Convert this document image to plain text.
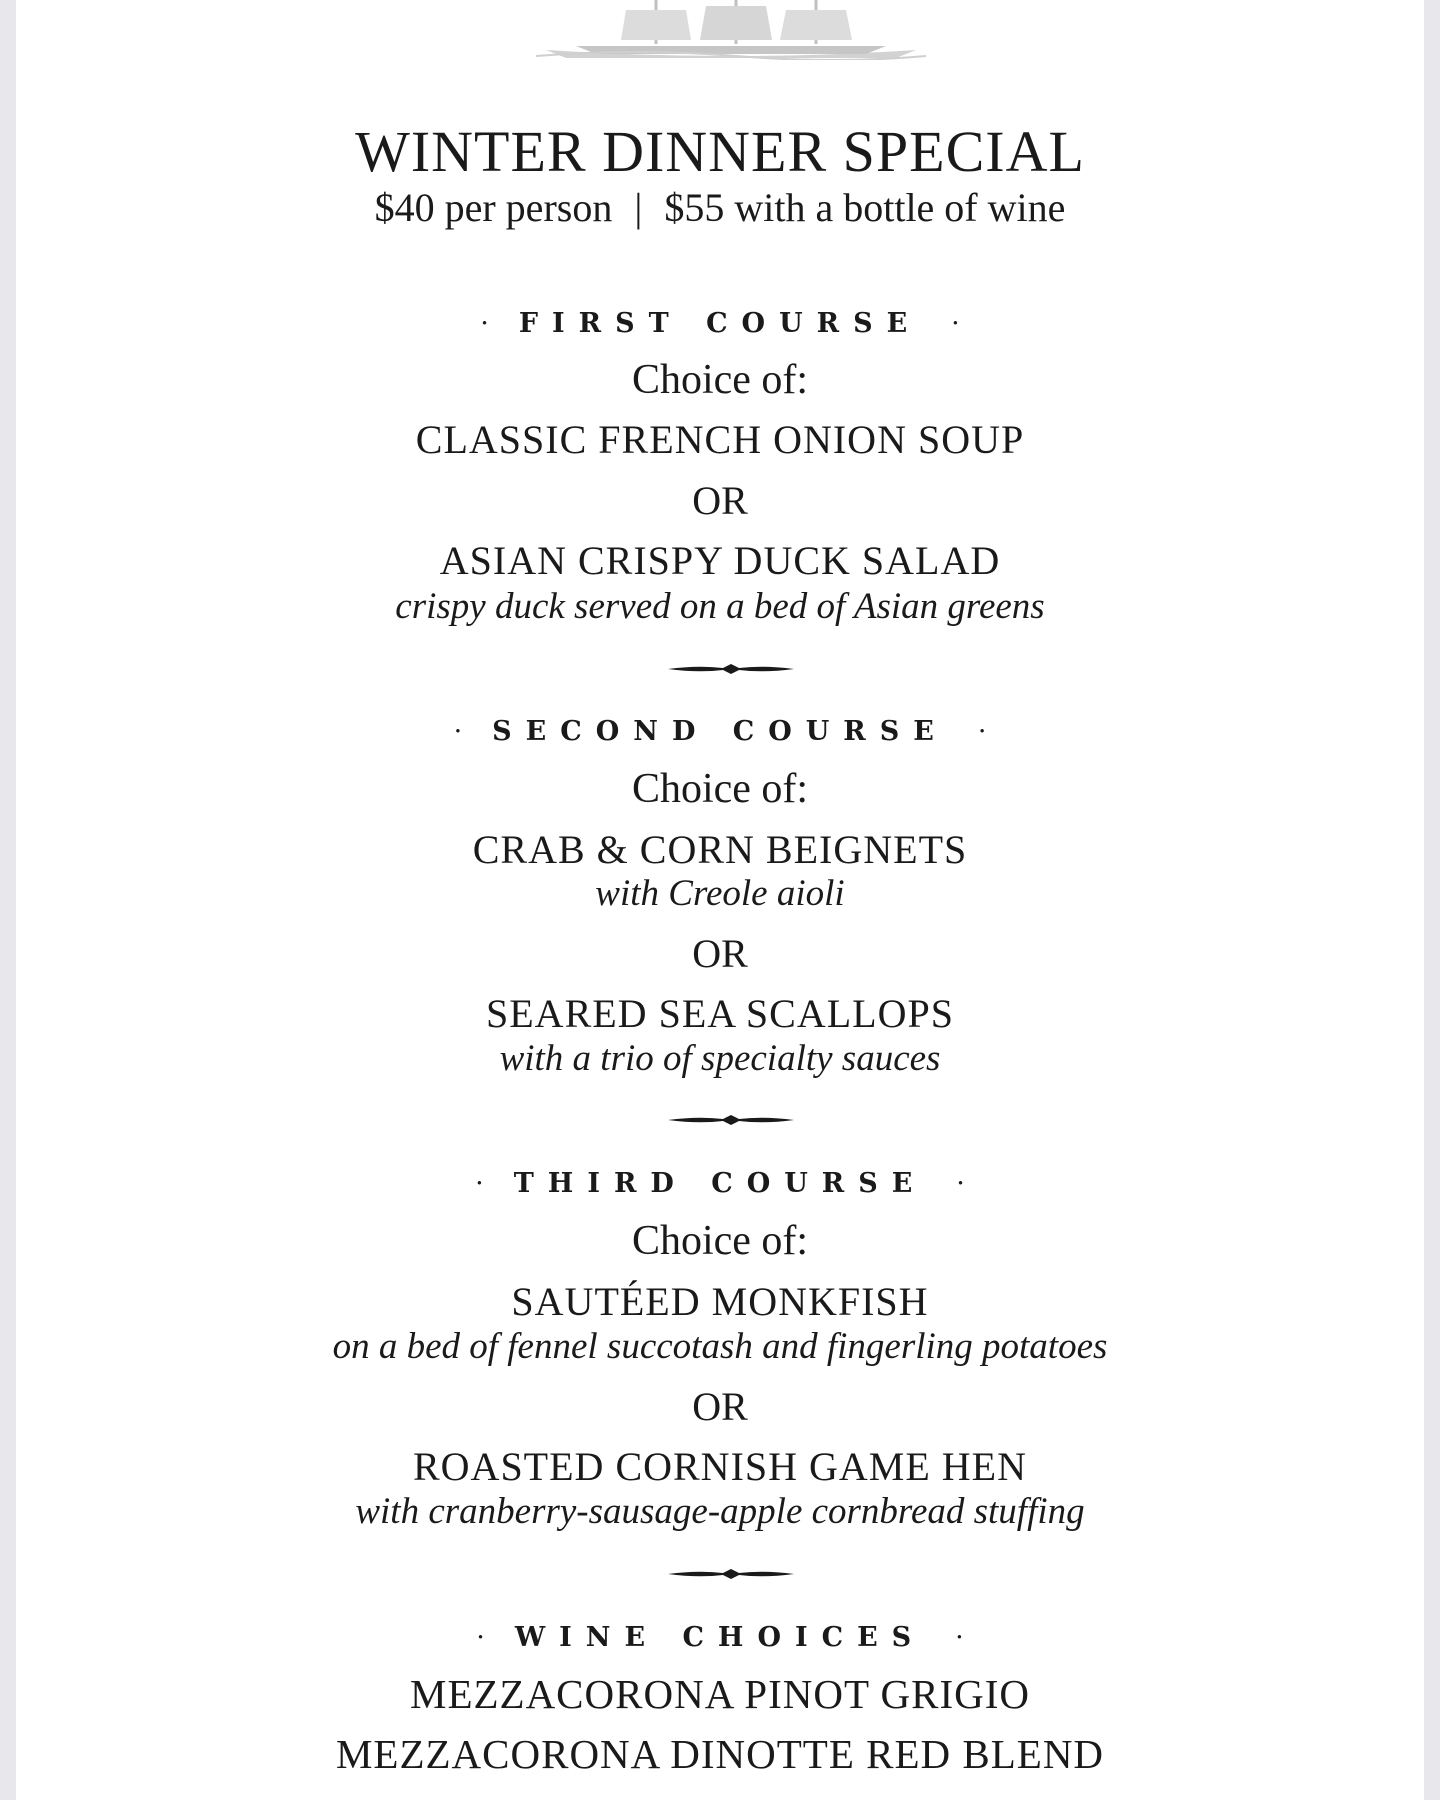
WINTER DINNER SPECIAL
$40 per person | $55 with a bottle of wine
· FIRST COURSE ·
Choice of:
CLASSIC FRENCH ONION SOUP
OR
ASIAN CRISPY DUCK SALAD
crispy duck served on a bed of Asian greens
· SECOND COURSE ·
Choice of:
CRAB & CORN BEIGNETS
with Creole aioli
OR
SEARED SEA SCALLOPS
with a trio of specialty sauces
· THIRD COURSE ·
Choice of:
SAUTÉED MONKFISH
on a bed of fennel succotash and fingerling potatoes
OR
ROASTED CORNISH GAME HEN
with cranberry-sausage-apple cornbread stuffing
· WINE CHOICES ·
MEZZACORONA PINOT GRIGIO
MEZZACORONA DINOTTE RED BLEND
